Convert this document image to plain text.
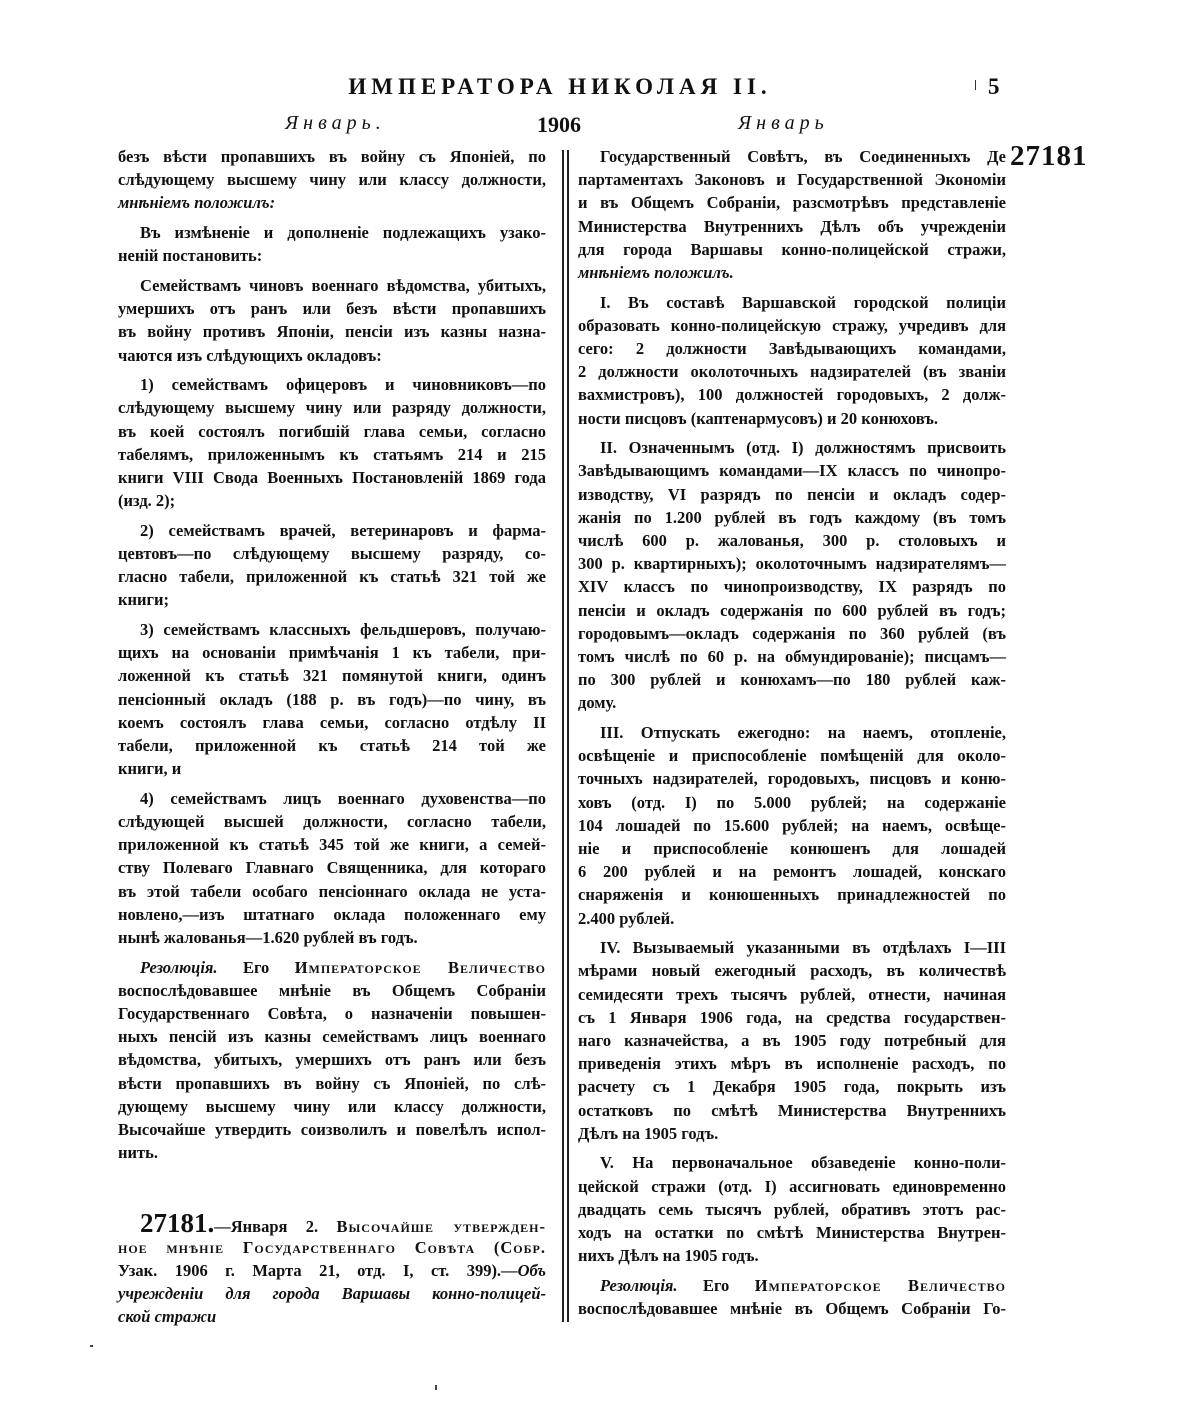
ИМПЕРАТОРА НИКОЛАЯ II.	5
Январь.	1906	Январь
27181
безъ вѣсти пропавшихъ въ войну съ Японіей, по
слѣдующему высшему чину или классу должности,
мнѣніемъ положилъ:
Въ измѣненіе и дополненіе подлежащихъ узако-
неній постановить:
Семействамъ чиновъ военнаго вѣдомства, убитыхъ,
умершихъ отъ ранъ или безъ вѣсти пропавшихъ
въ войну противъ Японіи, пенсіи изъ казны назна-
чаются изъ слѣдующихъ окладовъ:
1) семействамъ офицеровъ и чиновниковъ—по
слѣдующему высшему чину или разряду должности,
въ коей состоялъ погибшій глава семьи, согласно
табелямъ, приложеннымъ къ статьямъ 214 и 215
книги VIII Свода Военныхъ Постановленій 1869 года
(изд. 2);
2) семействамъ врачей, ветеринаровъ и фарма-
цевтовъ—по слѣдующему высшему разряду, со-
гласно табели, приложенной къ статьѣ 321 той же
книги;
3) семействамъ классныхъ фельдшеровъ, получаю-
щихъ на основаніи примѣчанія 1 къ табели, при-
ложенной къ статьѣ 321 помянутой книги, одинъ
пенсіонный окладъ (188 р. въ годъ)—по чину, въ
коемъ состоялъ глава семьи, согласно отдѣлу II
табели, приложенной къ статьѣ 214 той же
книги, и
4) семействамъ лицъ военнаго духовенства—по
слѣдующей высшей должности, согласно табели,
приложенной къ статьѣ 345 той же книги, а семей-
ству Полеваго Главнаго Священника, для котораго
въ этой табели особаго пенсіоннаго оклада не уста-
новлено,—изъ штатнаго оклада положеннаго ему
нынѣ жалованья—1.620 рублей въ годъ.
Резолюція. Его Императорское Величество
воспослѣдовавшее мнѣніе въ Общемъ Собраніи
Государственнаго Совѣта, о назначеніи повышен-
ныхъ пенсій изъ казны семействамъ лицъ военнаго
вѣдомства, убитыхъ, умершихъ отъ ранъ или безъ
вѣсти пропавшихъ въ войну съ Японіей, по слѣ-
дующему высшему чину или классу должности,
Высочайше утвердить соизволилъ и повелѣлъ испол-
нить.
27181.—Января 2. Высочайше утвержден-
ное мнѣніе Государственнаго Совѣта (Собр.
Узак. 1906 г. Марта 21, отд. I, ст. 399).—Объ
учрежденіи для города Варшавы конно-полицей-
ской стражи
Государственный Совѣтъ, въ Соединенныхъ Де
партаментахъ Законовъ и Государственной Экономіи
и въ Общемъ Собраніи, разсмотрѣвъ представленіе
Министерства Внутреннихъ Дѣлъ объ учрежденіи
для города Варшавы конно-полицейской стражи,
мнѣніемъ положилъ.
I. Въ составѣ Варшавской городской полиціи
образовать конно-полицейскую стражу, учредивъ для
сего: 2 должности Завѣдывающихъ командами,
2 должности околоточныхъ надзирателей (въ званіи
вахмистровъ), 100 должностей городовыхъ, 2 долж-
ности писцовъ (каптенармусовъ) и 20 конюховъ.
II. Означеннымъ (отд. I) должностямъ присвоить
Завѣдывающимъ командами—IX классъ по чинопро-
изводству, VI разрядъ по пенсіи и окладъ содер-
жанія по 1.200 рублей въ годъ каждому (въ томъ
числѣ 600 р. жалованья, 300 р. столовыхъ и
300 р. квартирныхъ); околоточнымъ надзирателямъ—
XIV классъ по чинопроизводству, IX разрядъ по
пенсіи и окладъ содержанія по 600 рублей въ годъ;
городовымъ—окладъ содержанія по 360 рублей (въ
томъ числѣ по 60 р. на обмундированіе); писцамъ—
по 300 рублей и конюхамъ—по 180 рублей каж-
дому.
III. Отпускать ежегодно: на наемъ, отопленіе,
освѣщеніе и приспособленіе помѣщеній для около-
точныхъ надзирателей, городовыхъ, писцовъ и коню-
ховъ (отд. I) по 5.000 рублей; на содержаніе
104 лошадей по 15.600 рублей; на наемъ, освѣще-
ніе и приспособленіе конюшенъ для лошадей
6 200 рублей и на ремонтъ лошадей, конскаго
снаряженія и конюшенныхъ принадлежностей по
2.400 рублей.
IV. Вызываемый указанными въ отдѣлахъ I—III
мѣрами новый ежегодный расходъ, въ количествѣ
семидесяти трехъ тысячъ рублей, отнести, начиная
съ 1 Января 1906 года, на средства государствен-
наго казначейства, а въ 1905 году потребный для
приведенія этихъ мѣръ въ исполненіе расходъ, по
расчету съ 1 Декабря 1905 года, покрыть изъ
остатковъ по смѣтѣ Министерства Внутреннихъ
Дѣлъ на 1905 годъ.
V. На первоначальное обзаведеніе конно-поли-
цейской стражи (отд. I) ассигновать единовременно
двадцать семь тысячъ рублей, обративъ этотъ рас-
ходъ на остатки по смѣтѣ Министерства Внутрен-
нихъ Дѣлъ на 1905 годъ.
Резолюція. Его Императорское Величество
воспослѣдовавшее мнѣніе въ Общемъ Собраніи Го-
